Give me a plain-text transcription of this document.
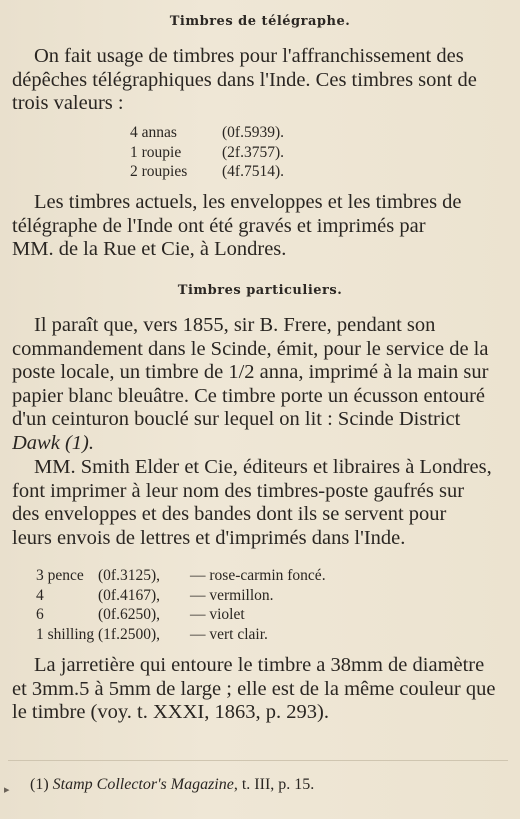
Timbres de télégraphe.
On fait usage de timbres pour l'affranchissement des
dépêches télégraphiques dans l'Inde. Ces timbres sont de
trois valeurs :
4 annas	(0f.5939).
1 roupie	(2f.3757).
2 roupies	(4f.7514).
Les timbres actuels, les enveloppes et les timbres de
télégraphe de l'Inde ont été gravés et imprimés par
MM. de la Rue et Cie, à Londres.
Timbres particuliers.
Il paraît que, vers 1855, sir B. Frere, pendant son
commandement dans le Scinde, émit, pour le service de la
poste locale, un timbre de 1/2 anna, imprimé à la main sur
papier blanc bleuâtre. Ce timbre porte un écusson entouré
d'un ceinturon bouclé sur lequel on lit : Scinde District
Dawk (1).
MM. Smith Elder et Cie, éditeurs et libraires à Londres,
font imprimer à leur nom des timbres-poste gaufrés sur
des enveloppes et des bandes dont ils se servent pour
leurs envois de lettres et d'imprimés dans l'Inde.
3 pence (0f.3125),	— rose-carmin foncé.
4	(0f.4167),	— vermillon.
6	(0f.6250),	— violet
1 shilling (1f.2500),	— vert clair.
La jarretière qui entoure le timbre a 38mm de diamètre
et 3mm.5 à 5mm de large ; elle est de la même couleur que
le timbre (voy. t. XXXI, 1863, p. 293).
▸ (1) Stamp Collector's Magazine, t. III, p. 15.
